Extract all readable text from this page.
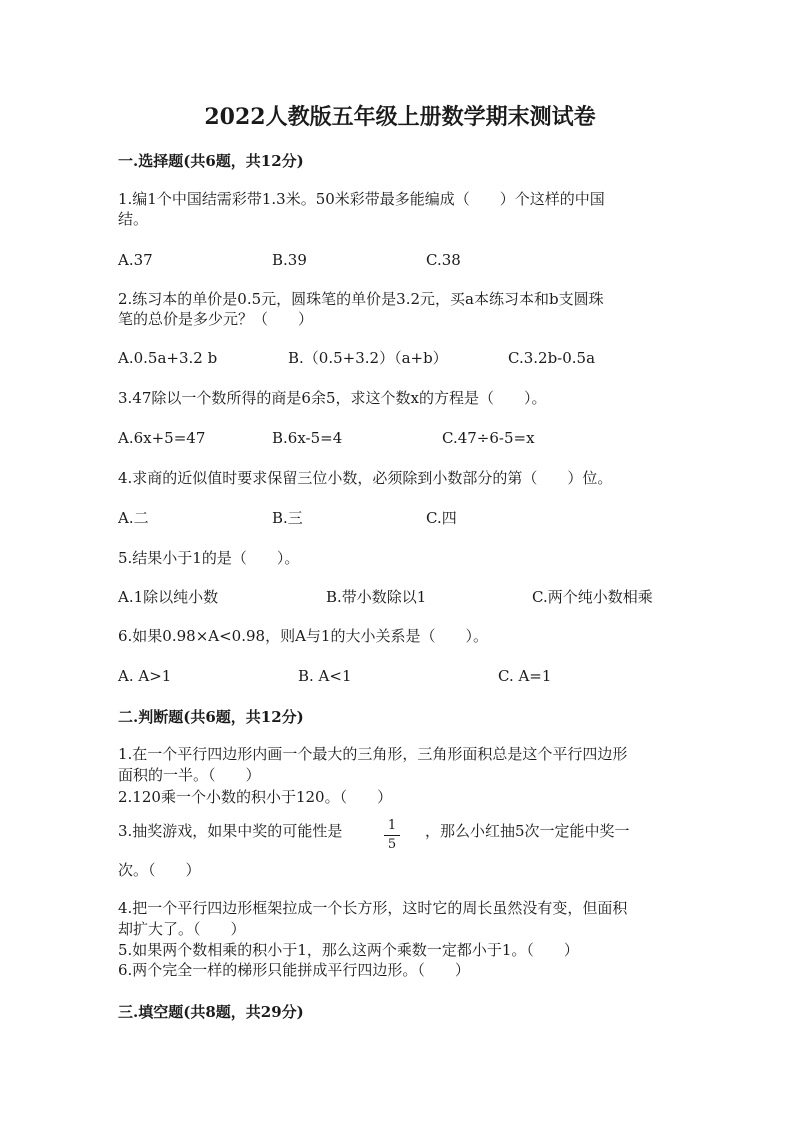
2022人教版五年级上册数学期末测试卷
一.选择题(共6题，共12分)
1.编1个中国结需彩带1.3米。50米彩带最多能编成（　　）个这样的中国
结。
A.37	B.39	C.38
2.练习本的单价是0.5元，圆珠笔的单价是3.2元，买a本练习本和b支圆珠
笔的总价是多少元？（　　）
A.0.5a+3.2 b	B.（0.5+3.2）（a+b）	C.3.2b-0.5a
3.47除以一个数所得的商是6余5，求这个数x的方程是（　　）。
A.6x+5=47	B.6x-5=4	C.47÷6-5=x
4.求商的近似值时要求保留三位小数，必须除到小数部分的第（　　）位。
A.二	B.三	C.四
5.结果小于1的是（　　）。
A.1除以纯小数	B.带小数除以1	C.两个纯小数相乘
6.如果0.98×A<0.98，则A与1的大小关系是（　　）。
A. A>1	B. A<1	C. A=1
二.判断题(共6题，共12分)
1.在一个平行四边形内画一个最大的三角形，三角形面积总是这个平行四边形
面积的一半。（　　）
2.120乘一个小数的积小于120。（　　）
3.抽奖游戏，如果中奖的可能性是	1
5
，那么小红抽5次一定能中奖一
次。（　　）
4.把一个平行四边形框架拉成一个长方形，这时它的周长虽然没有变，但面积
却扩大了。（　　）
5.如果两个数相乘的积小于1，那么这两个乘数一定都小于1。（　　）
6.两个完全一样的梯形只能拼成平行四边形。（　　）
三.填空题(共8题，共29分)
